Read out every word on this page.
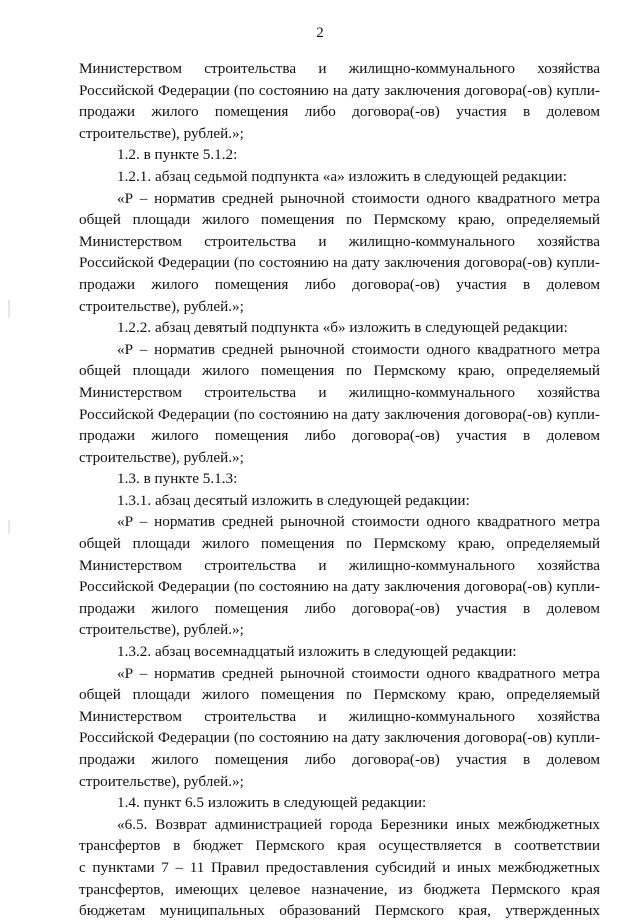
2
Министерством строительства и жилищно-коммунального хозяйства
Российской Федерации (по состоянию на дату заключения договора(-ов) купли-
продажи жилого помещения либо договора(-ов) участия в долевом
строительстве), рублей.»;
1.2. в пункте 5.1.2:
1.2.1. абзац седьмой подпункта «а» изложить в следующей редакции:
«Р – норматив средней рыночной стоимости одного квадратного метра
общей площади жилого помещения по Пермскому краю, определяемый
Министерством строительства и жилищно-коммунального хозяйства
Российской Федерации (по состоянию на дату заключения договора(-ов) купли-
продажи жилого помещения либо договора(-ов) участия в долевом
строительстве), рублей.»;
1.2.2. абзац девятый подпункта «б» изложить в следующей редакции:
«Р – норматив средней рыночной стоимости одного квадратного метра
общей площади жилого помещения по Пермскому краю, определяемый
Министерством строительства и жилищно-коммунального хозяйства
Российской Федерации (по состоянию на дату заключения договора(-ов) купли-
продажи жилого помещения либо договора(-ов) участия в долевом
строительстве), рублей.»;
1.3. в пункте 5.1.3:
1.3.1. абзац десятый изложить в следующей редакции:
«Р – норматив средней рыночной стоимости одного квадратного метра
общей площади жилого помещения по Пермскому краю, определяемый
Министерством строительства и жилищно-коммунального хозяйства
Российской Федерации (по состоянию на дату заключения договора(-ов) купли-
продажи жилого помещения либо договора(-ов) участия в долевом
строительстве), рублей.»;
1.3.2. абзац восемнадцатый изложить в следующей редакции:
«Р – норматив средней рыночной стоимости одного квадратного метра
общей площади жилого помещения по Пермскому краю, определяемый
Министерством строительства и жилищно-коммунального хозяйства
Российской Федерации (по состоянию на дату заключения договора(-ов) купли-
продажи жилого помещения либо договора(-ов) участия в долевом
строительстве), рублей.»;
1.4. пункт 6.5 изложить в следующей редакции:
«6.5. Возврат администрацией города Березники иных межбюджетных
трансфертов в бюджет Пермского края осуществляется в соответствии
с пунктами 7 – 11 Правил предоставления субсидий и иных межбюджетных
трансфертов, имеющих целевое назначение, из бюджета Пермского края
бюджетам муниципальных образований Пермского края, утвержденных
